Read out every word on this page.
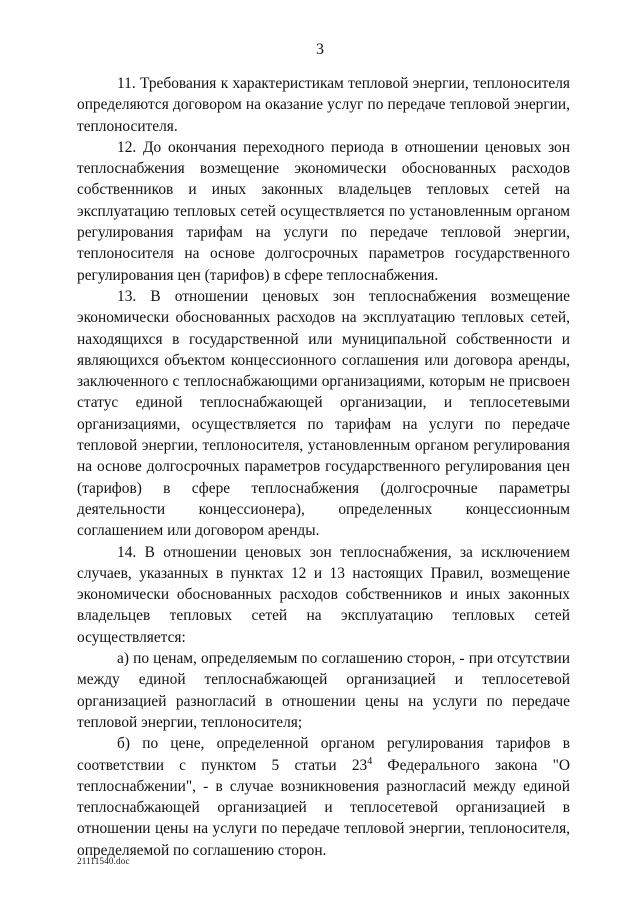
3

11. Требования к характеристикам тепловой энергии, теплоносителя определяются договором на оказание услуг по передаче тепловой энергии, теплоносителя.

12. До окончания переходного периода в отношении ценовых зон теплоснабжения возмещение экономически обоснованных расходов собственников и иных законных владельцев тепловых сетей на эксплуатацию тепловых сетей осуществляется по установленным органом регулирования тарифам на услуги по передаче тепловой энергии, теплоносителя на основе долгосрочных параметров государственного регулирования цен (тарифов) в сфере теплоснабжения.

13. В отношении ценовых зон теплоснабжения возмещение экономически обоснованных расходов на эксплуатацию тепловых сетей, находящихся в государственной или муниципальной собственности и являющихся объектом концессионного соглашения или договора аренды, заключенного с теплоснабжающими организациями, которым не присвоен статус единой теплоснабжающей организации, и теплосетевыми организациями, осуществляется по тарифам на услуги по передаче тепловой энергии, теплоносителя, установленным органом регулирования на основе долгосрочных параметров государственного регулирования цен (тарифов) в сфере теплоснабжения (долгосрочные параметры деятельности концессионера), определенных концессионным соглашением или договором аренды.

14. В отношении ценовых зон теплоснабжения, за исключением случаев, указанных в пунктах 12 и 13 настоящих Правил, возмещение экономически обоснованных расходов собственников и иных законных владельцев тепловых сетей на эксплуатацию тепловых сетей осуществляется:

а) по ценам, определяемым по соглашению сторон, - при отсутствии между единой теплоснабжающей организацией и теплосетевой организацией разногласий в отношении цены на услуги по передаче тепловой энергии, теплоносителя;

б) по цене, определенной органом регулирования тарифов в соответствии с пунктом 5 статьи $23^4$ Федерального закона "О теплоснабжении", - в случае возникновения разногласий между единой теплоснабжающей организацией и теплосетевой организацией в отношении цены на услуги по передаче тепловой энергии, теплоносителя, определяемой по соглашению сторон.

21111540.doc
